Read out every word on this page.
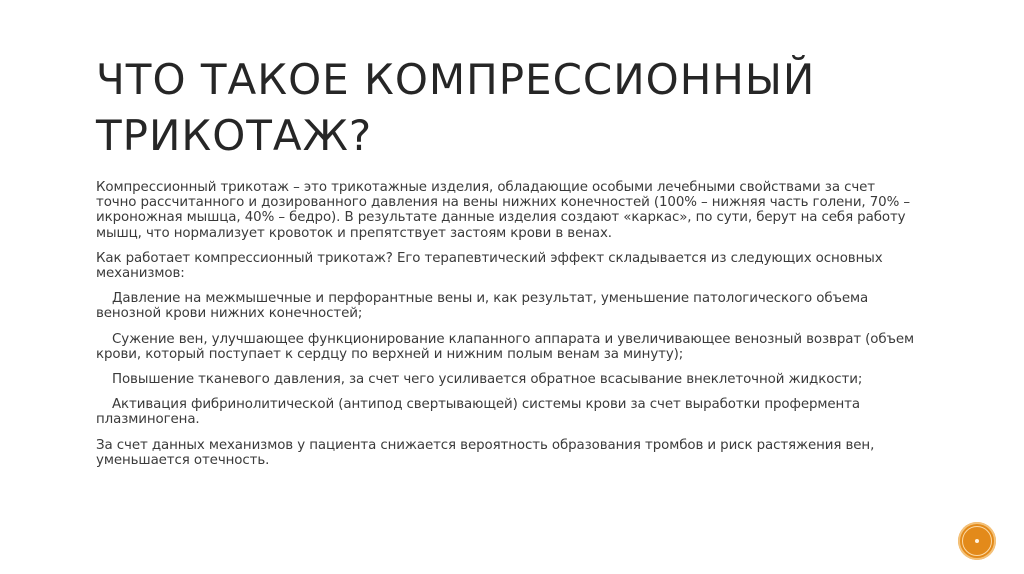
ЧТО ТАКОЕ КОМПРЕССИОННЫЙ
ТРИКОТАЖ?

Компрессионный трикотаж – это трикотажные изделия, обладающие особыми лечебными свойствами за счет точно рассчитанного и дозированного давления на вены нижних конечностей (100% – нижняя часть голени, 70% – икроножная мышца, 40% – бедро). В результате данные изделия создают «каркас», по сути, берут на себя работу мышц, что нормализует кровоток и препятствует застоям крови в венах.

Как работает компрессионный трикотаж? Его терапевтический эффект складывается из следующих основных механизмов:

Давление на межмышечные и перфорантные вены и, как результат, уменьшение патологического объема венозной крови нижних конечностей;

Сужение вен, улучшающее функционирование клапанного аппарата и увеличивающее венозный возврат (объем крови, который поступает к сердцу по верхней и нижним полым венам за минуту);

Повышение тканевого давления, за счет чего усиливается обратное всасывание внеклеточной жидкости;

Активация фибринолитической (антипод свертывающей) системы крови за счет выработки профермента плазминогена.

За счет данных механизмов у пациента снижается вероятность образования тромбов и риск растяжения вен, уменьшается отечность.
